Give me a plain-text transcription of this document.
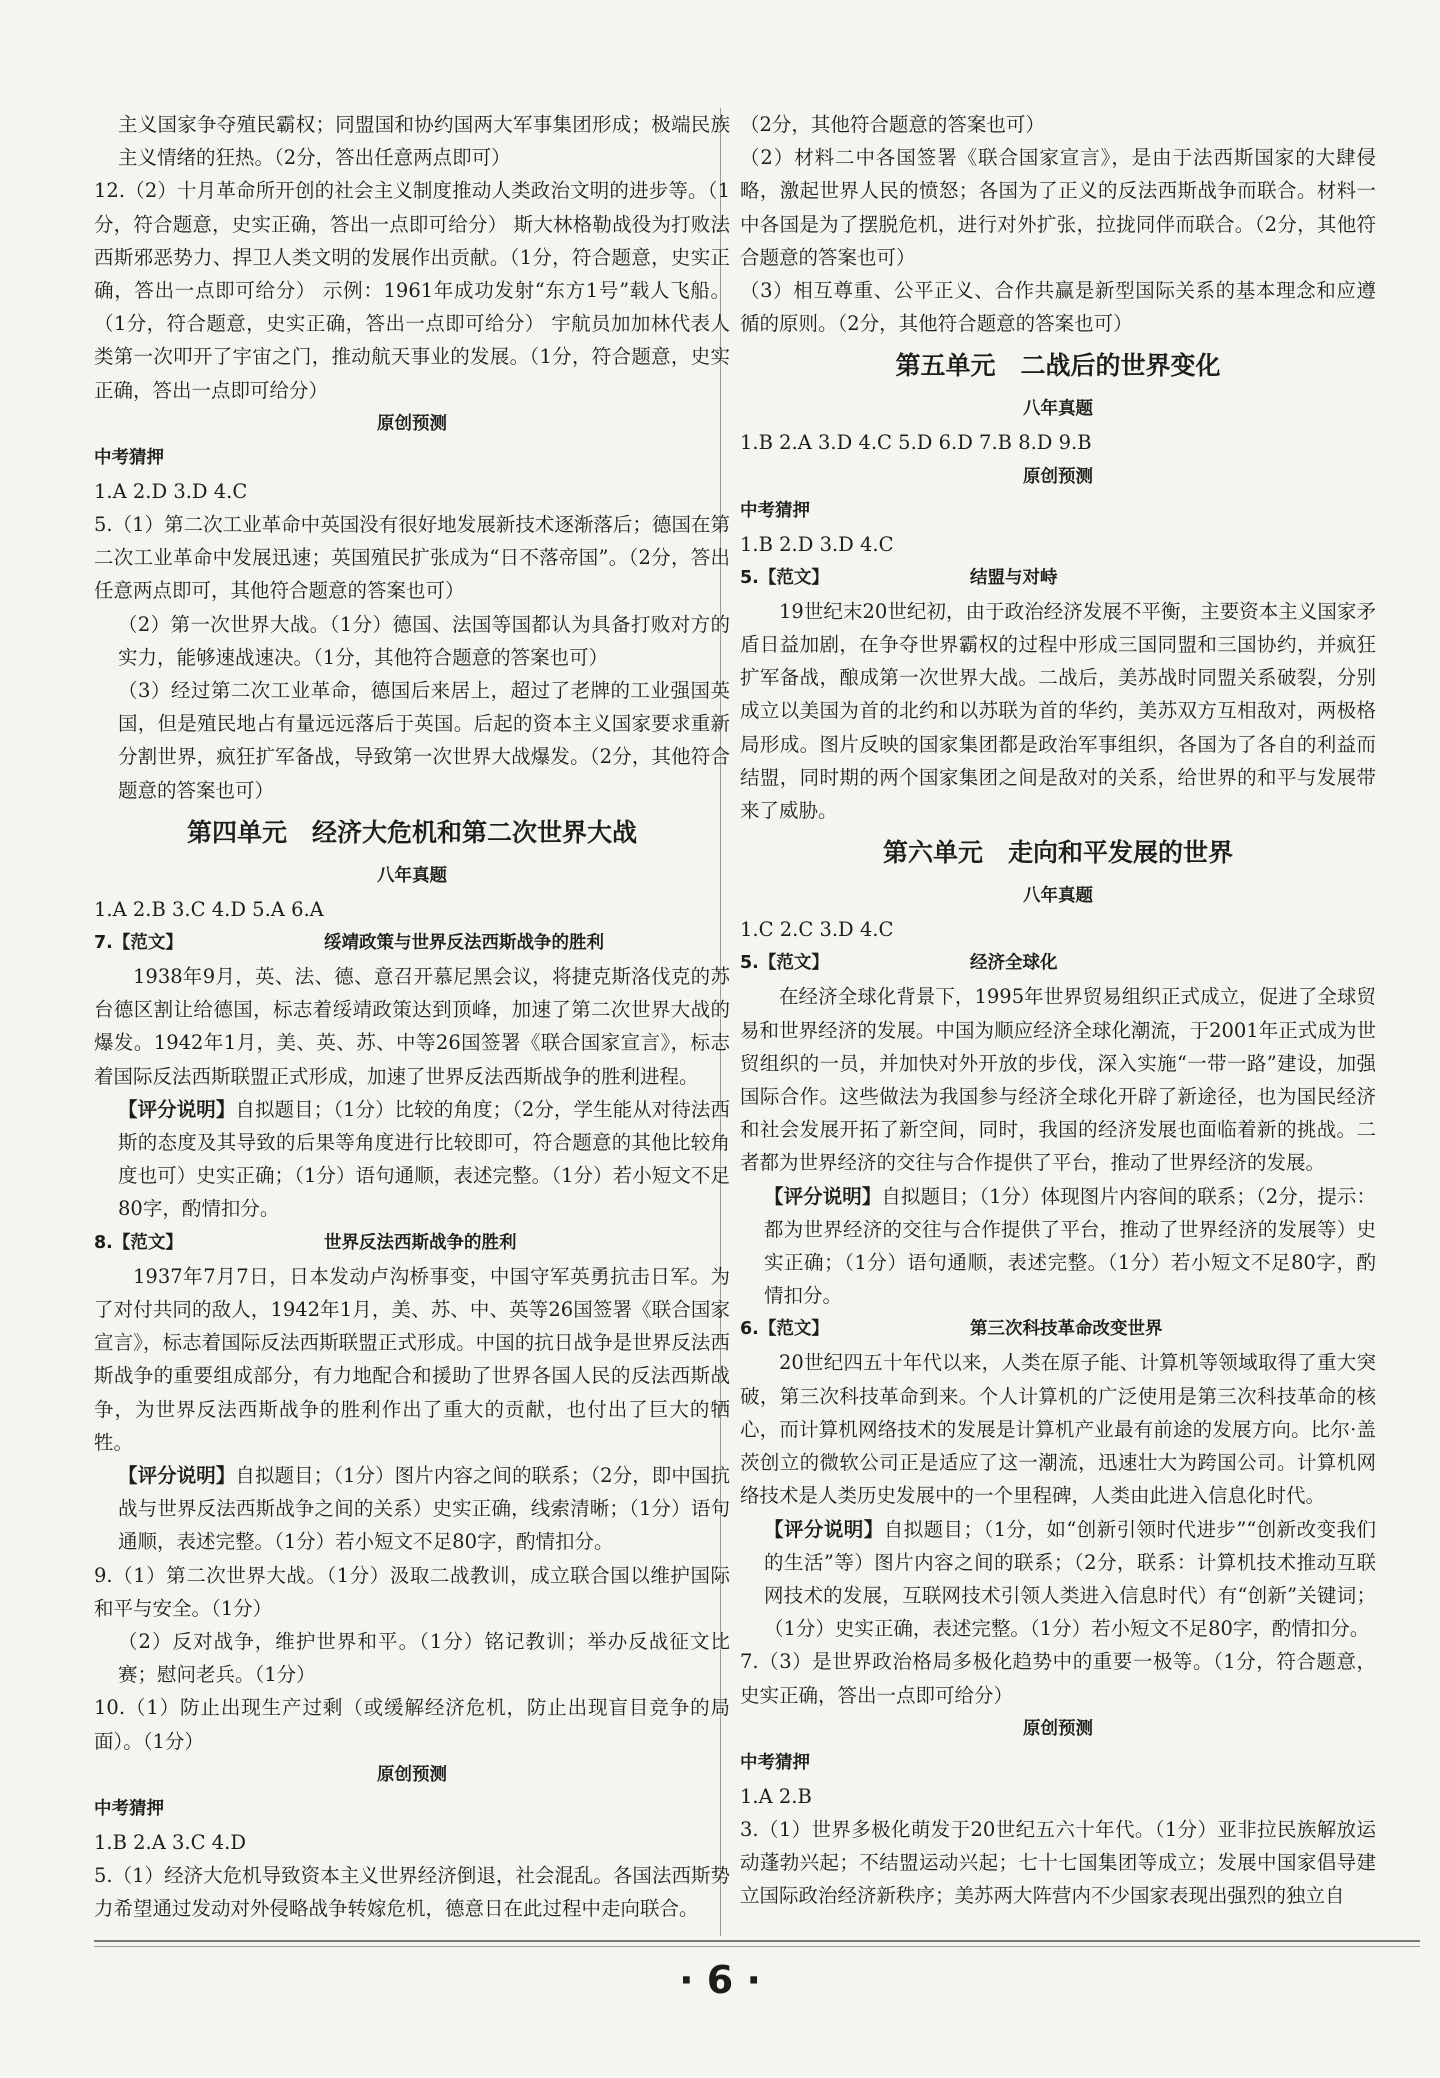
主义国家争夺殖民霸权；同盟国和协约国两大军事集团形成；极端民族主义情绪的狂热。（2分，答出任意两点即可）

12.（2）十月革命所开创的社会主义制度推动人类政治文明的进步等。（1分，符合题意，史实正确，答出一点即可给分） 斯大林格勒战役为打败法西斯邪恶势力、捍卫人类文明的发展作出贡献。（1分，符合题意，史实正确，答出一点即可给分） 示例：1961年成功发射“东方1号”载人飞船。（1分，符合题意，史实正确，答出一点即可给分） 宇航员加加林代表人类第一次叩开了宇宙之门，推动航天事业的发展。（1分，符合题意，史实正确，答出一点即可给分）

原创预测
中考猜押

1.A 2.D 3.D 4.C

5.（1）第二次工业革命中英国没有很好地发展新技术逐渐落后；德国在第二次工业革命中发展迅速；英国殖民扩张成为“日不落帝国”。（2分，答出任意两点即可，其他符合题意的答案也可）

（2）第一次世界大战。（1分）德国、法国等国都认为具备打败对方的实力，能够速战速决。（1分，其他符合题意的答案也可）

（3）经过第二次工业革命，德国后来居上，超过了老牌的工业强国英国，但是殖民地占有量远远落后于英国。后起的资本主义国家要求重新分割世界，疯狂扩军备战，导致第一次世界大战爆发。（2分，其他符合题意的答案也可）

第四单元　经济大危机和第二次世界大战
八年真题

1.A 2.B 3.C 4.D 5.A 6.A

7.【范文】	绥靖政策与世界反法西斯战争的胜利

1938年9月，英、法、德、意召开慕尼黑会议，将捷克斯洛伐克的苏台德区割让给德国，标志着绥靖政策达到顶峰，加速了第二次世界大战的爆发。1942年1月，美、英、苏、中等26国签署《联合国家宣言》，标志着国际反法西斯联盟正式形成，加速了世界反法西斯战争的胜利进程。

【评分说明】自拟题目；（1分）比较的角度；（2分，学生能从对待法西斯的态度及其导致的后果等角度进行比较即可，符合题意的其他比较角度也可）史实正确；（1分）语句通顺，表述完整。（1分）若小短文不足80字，酌情扣分。

8.【范文】	世界反法西斯战争的胜利

1937年7月7日，日本发动卢沟桥事变，中国守军英勇抗击日军。为了对付共同的敌人，1942年1月，美、苏、中、英等26国签署《联合国家宣言》，标志着国际反法西斯联盟正式形成。中国的抗日战争是世界反法西斯战争的重要组成部分，有力地配合和援助了世界各国人民的反法西斯战争，为世界反法西斯战争的胜利作出了重大的贡献，也付出了巨大的牺牲。

【评分说明】自拟题目；（1分）图片内容之间的联系；（2分，即中国抗战与世界反法西斯战争之间的关系）史实正确，线索清晰；（1分）语句通顺，表述完整。（1分）若小短文不足80字，酌情扣分。

9.（1）第二次世界大战。（1分）汲取二战教训，成立联合国以维护国际和平与安全。（1分）

（2）反对战争，维护世界和平。（1分）铭记教训；举办反战征文比赛；慰问老兵。（1分）

10.（1）防止出现生产过剩（或缓解经济危机，防止出现盲目竞争的局面）。（1分）

原创预测
中考猜押

1.B 2.A 3.C 4.D

5.（1）经济大危机导致资本主义世界经济倒退，社会混乱。各国法西斯势力希望通过发动对外侵略战争转嫁危机，德意日在此过程中走向联合。

（2分，其他符合题意的答案也可）

（2）材料二中各国签署《联合国家宣言》，是由于法西斯国家的大肆侵略，激起世界人民的愤怒；各国为了正义的反法西斯战争而联合。材料一中各国是为了摆脱危机，进行对外扩张，拉拢同伴而联合。（2分，其他符合题意的答案也可）

（3）相互尊重、公平正义、合作共赢是新型国际关系的基本理念和应遵循的原则。（2分，其他符合题意的答案也可）

第五单元　二战后的世界变化
八年真题

1.B 2.A 3.D 4.C 5.D 6.D 7.B 8.D 9.B

原创预测
中考猜押

1.B 2.D 3.D 4.C

5.【范文】	结盟与对峙

19世纪末20世纪初，由于政治经济发展不平衡，主要资本主义国家矛盾日益加剧，在争夺世界霸权的过程中形成三国同盟和三国协约，并疯狂扩军备战，酿成第一次世界大战。二战后，美苏战时同盟关系破裂，分别成立以美国为首的北约和以苏联为首的华约，美苏双方互相敌对，两极格局形成。图片反映的国家集团都是政治军事组织，各国为了各自的利益而结盟，同时期的两个国家集团之间是敌对的关系，给世界的和平与发展带来了威胁。

第六单元　走向和平发展的世界
八年真题

1.C 2.C 3.D 4.C

5.【范文】	经济全球化

在经济全球化背景下，1995年世界贸易组织正式成立，促进了全球贸易和世界经济的发展。中国为顺应经济全球化潮流，于2001年正式成为世贸组织的一员，并加快对外开放的步伐，深入实施“一带一路”建设，加强国际合作。这些做法为我国参与经济全球化开辟了新途径，也为国民经济和社会发展开拓了新空间，同时，我国的经济发展也面临着新的挑战。二者都为世界经济的交往与合作提供了平台，推动了世界经济的发展。

【评分说明】自拟题目；（1分）体现图片内容间的联系；（2分，提示：都为世界经济的交往与合作提供了平台，推动了世界经济的发展等）史实正确；（1分）语句通顺，表述完整。（1分）若小短文不足80字，酌情扣分。

6.【范文】	第三次科技革命改变世界

20世纪四五十年代以来，人类在原子能、计算机等领域取得了重大突破，第三次科技革命到来。个人计算机的广泛使用是第三次科技革命的核心，而计算机网络技术的发展是计算机产业最有前途的发展方向。比尔·盖茨创立的微软公司正是适应了这一潮流，迅速壮大为跨国公司。计算机网络技术是人类历史发展中的一个里程碑，人类由此进入信息化时代。

【评分说明】自拟题目；（1分，如“创新引领时代进步”“创新改变我们的生活”等）图片内容之间的联系；（2分，联系：计算机技术推动互联网技术的发展，互联网技术引领人类进入信息时代）有“创新”关键词；（1分）史实正确，表述完整。（1分）若小短文不足80字，酌情扣分。

7.（3）是世界政治格局多极化趋势中的重要一极等。（1分，符合题意，史实正确，答出一点即可给分）

原创预测
中考猜押

1.A 2.B

3.（1）世界多极化萌发于20世纪五六十年代。（1分）亚非拉民族解放运动蓬勃兴起；不结盟运动兴起；七十七国集团等成立；发展中国家倡导建立国际政治经济新秩序；美苏两大阵营内不少国家表现出强烈的独立自

· 6 ·
